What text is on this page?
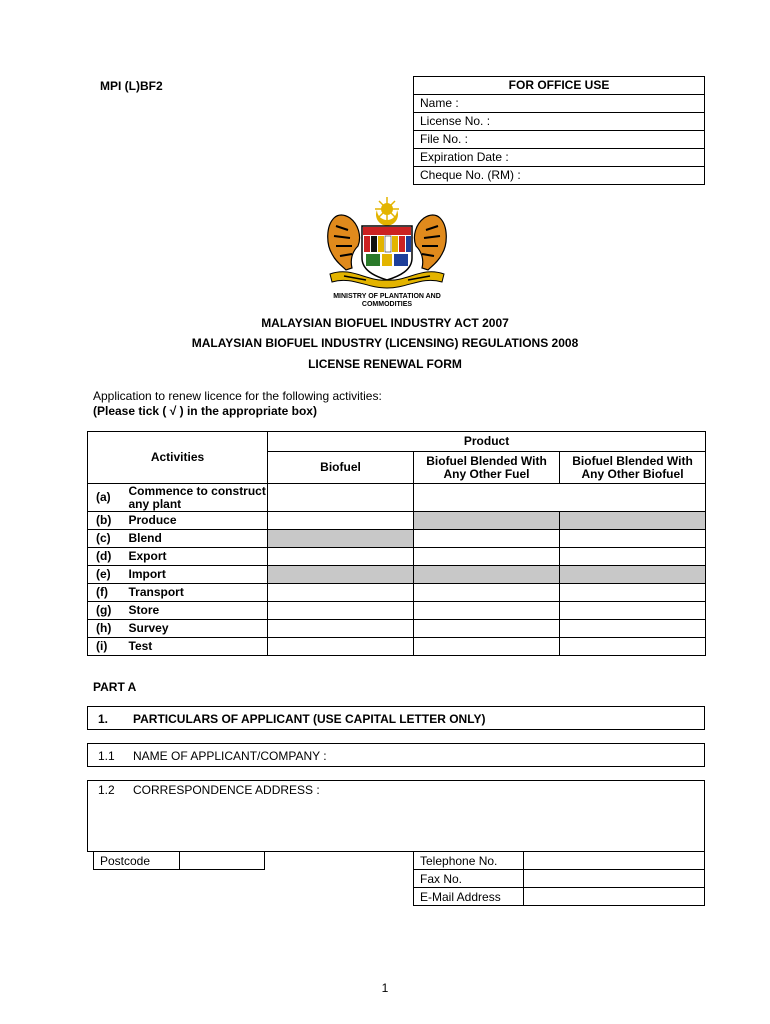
MPI (L)BF2	FOR OFFICE USE
Name :
License No. :
File No. :
Expiration Date :
Cheque No. (RM) :
MINISTRY OF PLANTATION AND COMMODITIES
MALAYSIAN BIOFUEL INDUSTRY ACT 2007
MALAYSIAN BIOFUEL INDUSTRY (LICENSING) REGULATIONS 2008
LICENSE RENEWAL FORM
Application to renew licence for the following activities:
(Please tick ( √ ) in the appropriate box)
Activities		Product		
		Biofuel	Biofuel Blended With Any Other Fuel	Biofuel Blended With Any Other Biofuel
(a)	Commence to construct any plant			
(b)	Produce			
(c)	Blend			
(d)	Export			
(e)	Import			
(f)	Transport			
(g)	Store			
(h)	Survey			
(i)	Test			
PART A
1. PARTICULARS OF APPLICANT (USE CAPITAL LETTER ONLY)
1.1 NAME OF APPLICANT/COMPANY :
1.2 CORRESPONDENCE ADDRESS :
Postcode	Telephone No.
Fax No.
E-Mail Address
1
